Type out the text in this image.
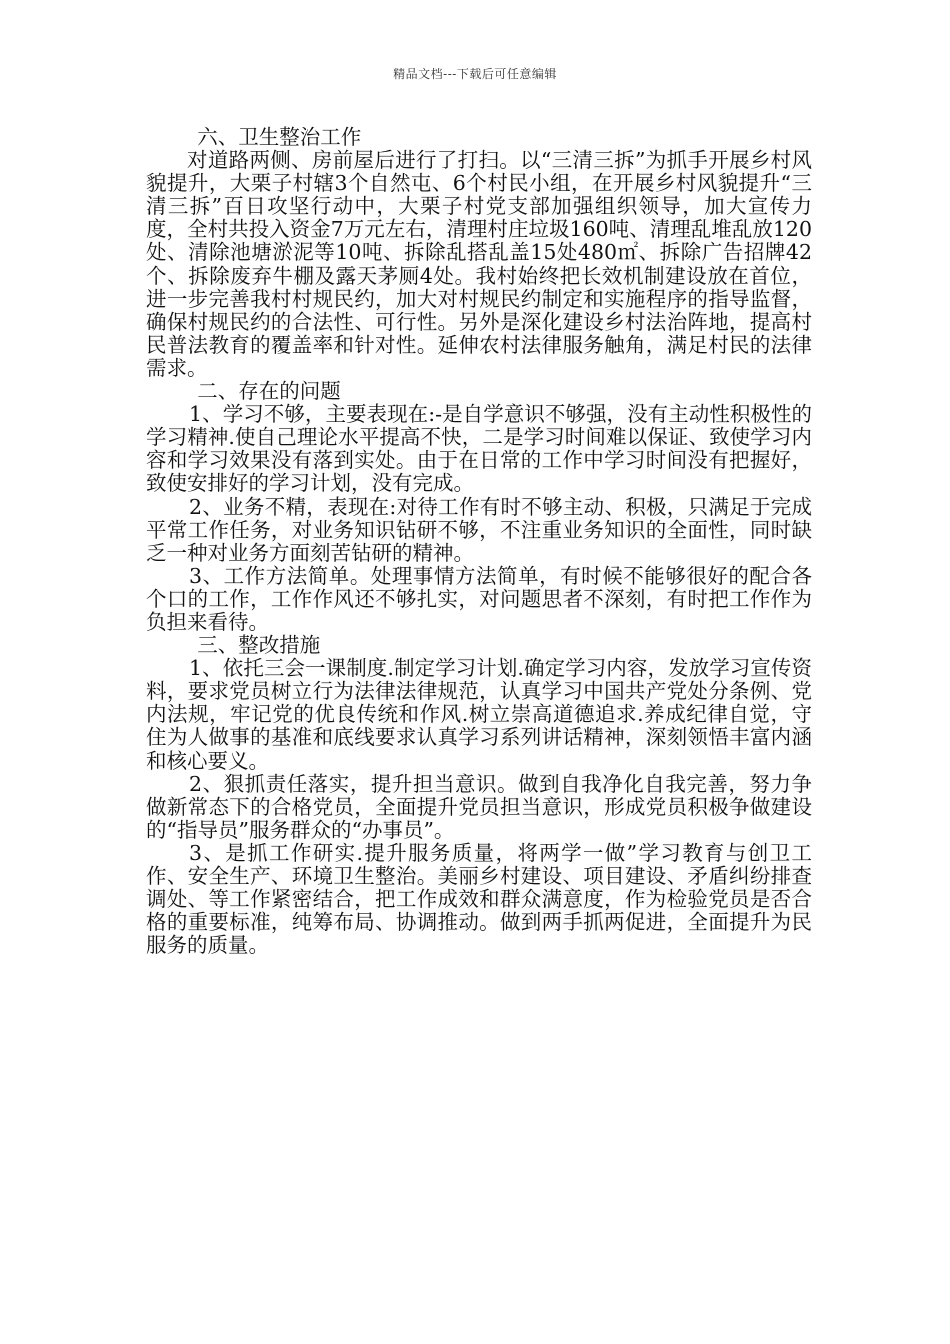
精品文档---下载后可任意编辑
六、卫生整治工作

对道路两侧、房前屋后进行了打扫。以“三清三拆”为抓手开展乡村风貌提升，大栗子村辖3个自然屯、6个村民小组，在开展乡村风貌提升“三清三拆”百日攻坚行动中，大栗子村党支部加强组织领导，加大宣传力度，全村共投入资金7万元左右，清理村庄垃圾160吨、清理乱堆乱放120处、清除池塘淤泥等10吨、拆除乱搭乱盖15处480㎡、拆除广告招牌42个、拆除废弃牛棚及露天茅厕4处。我村始终把长效机制建设放在首位，进一步完善我村村规民约，加大对村规民约制定和实施程序的指导监督，确保村规民约的合法性、可行性。另外是深化建设乡村法治阵地，提高村民普法教育的覆盖率和针对性。延伸农村法律服务触角，满足村民的法律需求。

二、存在的问题

1、学习不够，主要表现在:-是自学意识不够强，没有主动性积极性的学习精神.使自己理论水平提高不快，二是学习时间难以保证、致使学习内容和学习效果没有落到实处。由于在日常的工作中学习时间没有把握好，致使安排好的学习计划，没有完成。

2、业务不精，表现在:对待工作有时不够主动、积极，只满足于完成平常工作任务，对业务知识钻研不够，不注重业务知识的全面性，同时缺乏一种对业务方面刻苦钻研的精神。

3、工作方法简单。处理事情方法简单，有时候不能够很好的配合各个口的工作，工作作风还不够扎实，对问题思者不深刻，有时把工作作为负担来看待。

三、整改措施

1、依托三会一课制度.制定学习计划.确定学习内容，发放学习宣传资料，要求党员树立行为法律法律规范，认真学习中国共产党处分条例、党内法规，牢记党的优良传统和作风.树立崇高道德追求.养成纪律自觉，守住为人做事的基准和底线要求认真学习系列讲话精神，深刻领悟丰富内涵和核心要义。

2、狠抓责任落实，提升担当意识。做到自我净化自我完善，努力争做新常态下的合格党员，全面提升党员担当意识，形成党员积极争做建设的“指导员”服务群众的“办事员”。

3、是抓工作研实.提升服务质量，将两学一做”学习教育与创卫工作、安全生产、环境卫生整治。美丽乡村建设、项目建设、矛盾纠纷排查调处、等工作紧密结合，把工作成效和群众满意度，作为检验党员是否合格的重要标准，纯筹布局、协调推动。做到两手抓两促进，全面提升为民服务的质量。
